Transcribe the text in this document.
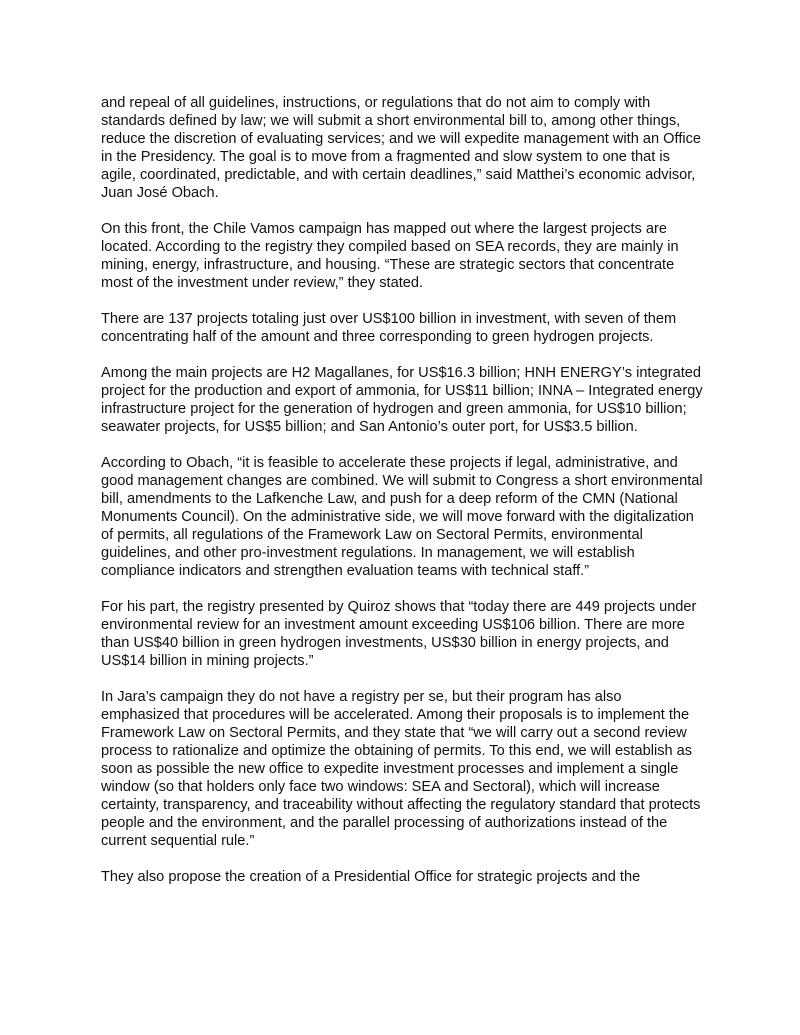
and repeal of all guidelines, instructions, or regulations that do not aim to comply with standards defined by law; we will submit a short environmental bill to, among other things, reduce the discretion of evaluating services; and we will expedite management with an Office in the Presidency. The goal is to move from a fragmented and slow system to one that is agile, coordinated, predictable, and with certain deadlines,” said Matthei’s economic advisor, Juan José Obach.

On this front, the Chile Vamos campaign has mapped out where the largest projects are located. According to the registry they compiled based on SEA records, they are mainly in mining, energy, infrastructure, and housing. “These are strategic sectors that concentrate most of the investment under review,” they stated.

There are 137 projects totaling just over US$100 billion in investment, with seven of them concentrating half of the amount and three corresponding to green hydrogen projects.

Among the main projects are H2 Magallanes, for US$16.3 billion; HNH ENERGY’s integrated project for the production and export of ammonia, for US$11 billion; INNA – Integrated energy infrastructure project for the generation of hydrogen and green ammonia, for US$10 billion; seawater projects, for US$5 billion; and San Antonio’s outer port, for US$3.5 billion.

According to Obach, “it is feasible to accelerate these projects if legal, administrative, and good management changes are combined. We will submit to Congress a short environmental bill, amendments to the Lafkenche Law, and push for a deep reform of the CMN (National Monuments Council). On the administrative side, we will move forward with the digitalization of permits, all regulations of the Framework Law on Sectoral Permits, environmental guidelines, and other pro-investment regulations. In management, we will establish compliance indicators and strengthen evaluation teams with technical staff.”

For his part, the registry presented by Quiroz shows that “today there are 449 projects under environmental review for an investment amount exceeding US$106 billion. There are more than US$40 billion in green hydrogen investments, US$30 billion in energy projects, and US$14 billion in mining projects.”

In Jara’s campaign they do not have a registry per se, but their program has also emphasized that procedures will be accelerated. Among their proposals is to implement the Framework Law on Sectoral Permits, and they state that “we will carry out a second review process to rationalize and optimize the obtaining of permits. To this end, we will establish as soon as possible the new office to expedite investment processes and implement a single window (so that holders only face two windows: SEA and Sectoral), which will increase certainty, transparency, and traceability without affecting the regulatory standard that protects people and the environment, and the parallel processing of authorizations instead of the current sequential rule.”

They also propose the creation of a Presidential Office for strategic projects and the
